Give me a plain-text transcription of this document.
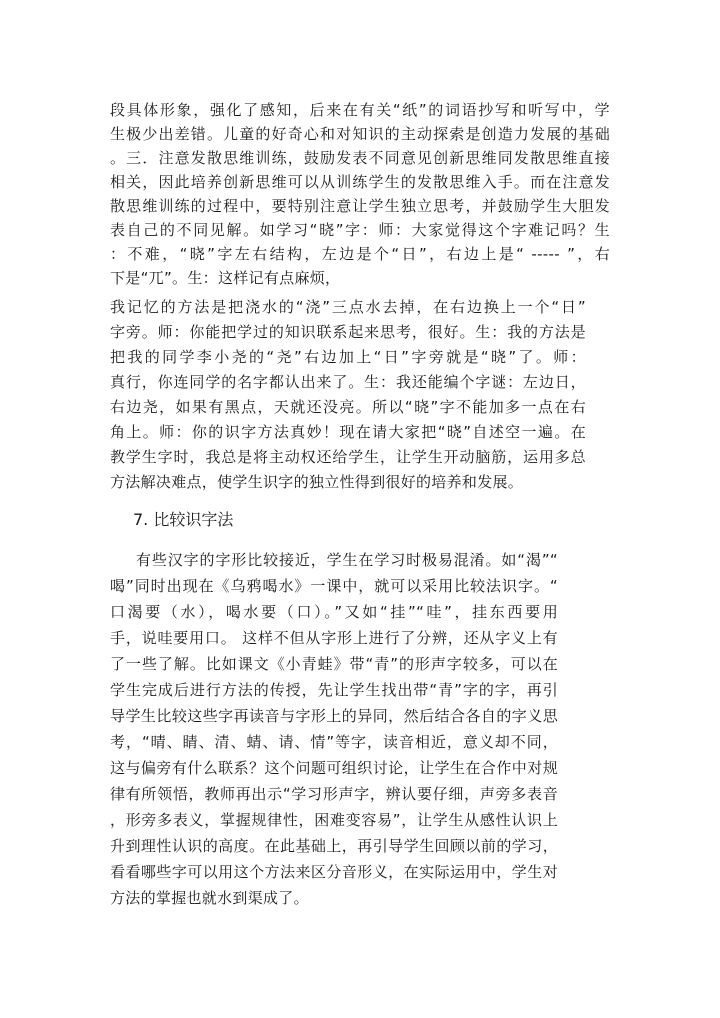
段具体形象，强化了感知，后来在有关“纸”的词语抄写和听写中，学
生极少出差错。儿童的好奇心和对知识的主动探索是创造力发展的基础
。三．注意发散思维训练，鼓励发表不同意见创新思维同发散思维直接
相关，因此培养创新思维可以从训练学生的发散思维入手。而在注意发
散思维训练的过程中，要特别注意让学生独立思考，并鼓励学生大胆发
表自己的不同见解。如学习“晓”字：师：大家觉得这个字难记吗？生
：不难，“晓”字左右结构，左边是个“日”，右边上是“ ----- ”，右
下是“兀”。生：这样记有点麻烦，
我记忆的方法是把浇水的“浇”三点水去掉，在右边换上一个“日”
字旁。师：你能把学过的知识联系起来思考，很好。生：我的方法是
把我的同学李小尧的“尧”右边加上“日”字旁就是“晓”了。师：
真行，你连同学的名字都认出来了。生：我还能编个字谜：左边日，
右边尧，如果有黑点，天就还没亮。所以“晓”字不能加多一点在右
角上。师：你的识字方法真妙！现在请大家把“晓”自述空一遍。在
教学生字时，我总是将主动权还给学生，让学生开动脑筋，运用多总
方法解决难点，使学生识字的独立性得到很好的培养和发展。
7. 比较识字法
有些汉字的字形比较接近，学生在学习时极易混淆。如“渴”“
喝”同时出现在《乌鸦喝水》一课中，就可以采用比较法识字。“
口渴要（水），喝水要（口）。”又如“挂”“哇”，挂东西要用
手，说哇要用口。 这样不但从字形上进行了分辨，还从字义上有
了一些了解。比如课文《小青蛙》带“青”的形声字较多，可以在
学生完成后进行方法的传授，先让学生找出带“青”字的字，再引
导学生比较这些字再读音与字形上的异同，然后结合各自的字义思
考，“晴、睛、清、蜻、请、情”等字，读音相近，意义却不同，
这与偏旁有什么联系？这个问题可组织讨论，让学生在合作中对规
律有所领悟，教师再出示“学习形声字，辨认要仔细，声旁多表音
，形旁多表义，掌握规律性，困难变容易”，让学生从感性认识上
升到理性认识的高度。在此基础上，再引导学生回顾以前的学习，
看看哪些字可以用这个方法来区分音形义，在实际运用中，学生对
方法的掌握也就水到渠成了。
